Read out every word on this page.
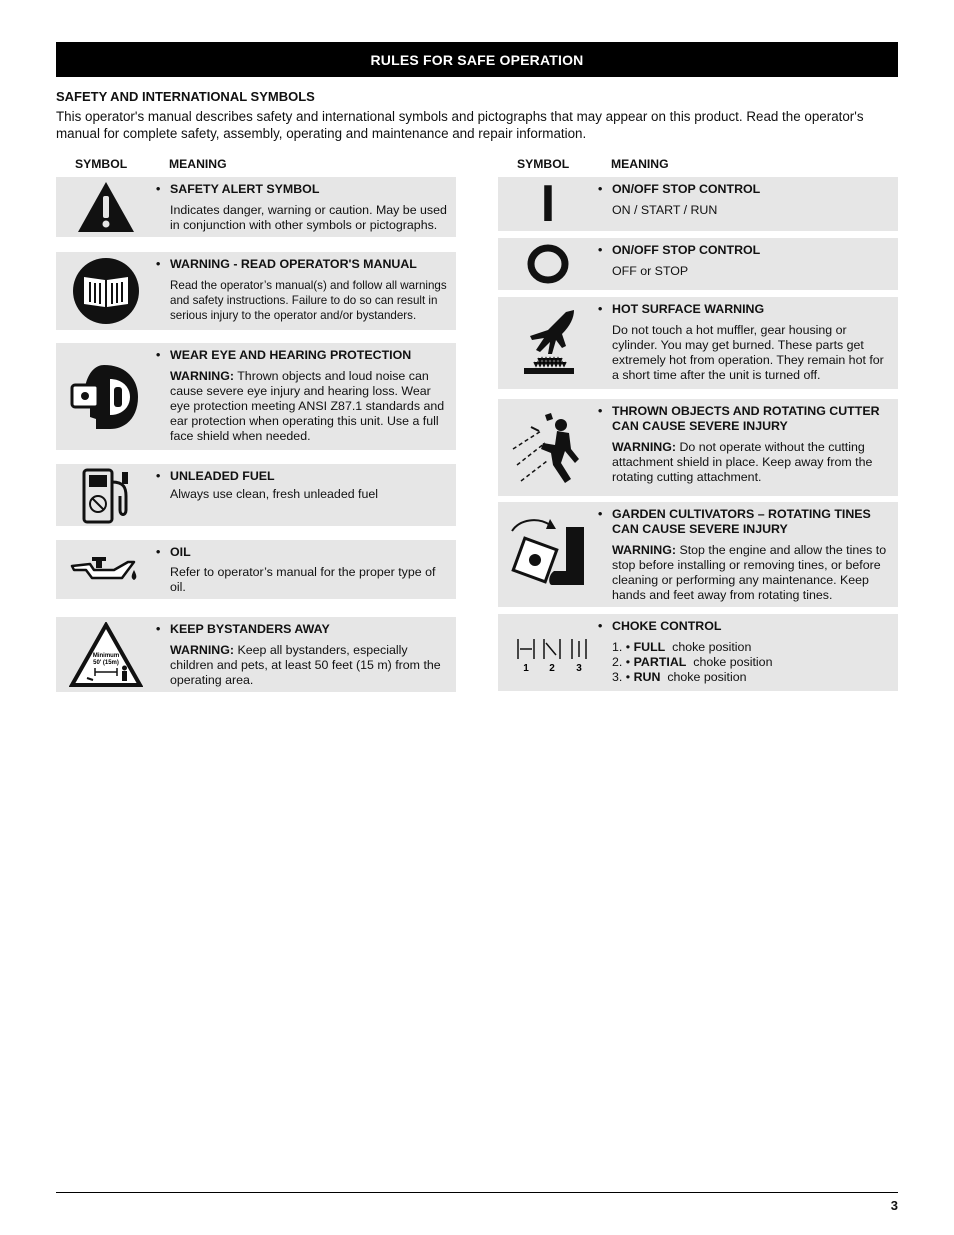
RULES FOR SAFE OPERATION
SAFETY AND INTERNATIONAL SYMBOLS
This operator's manual describes safety and international symbols and pictographs that may appear on this product. Read the operator's manual for complete safety, assembly, operating and maintenance and repair information.
SYMBOL	MEANING	SYMBOL	MEANING
• SAFETY ALERT SYMBOL
Indicates danger, warning or caution. May be used in conjunction with other symbols or pictographs.
• WARNING - READ OPERATOR'S MANUAL
Read the operator’s manual(s) and follow all warnings and safety instructions. Failure to do so can result in serious injury to the operator and/or bystanders.
• WEAR EYE AND HEARING PROTECTION
WARNING: Thrown objects and loud noise can cause severe eye injury and hearing loss. Wear eye protection meeting ANSI Z87.1 standards and ear protection when operating this unit. Use a full face shield when needed.
• UNLEADED FUEL
Always use clean, fresh unleaded fuel
• OIL
Refer to operator’s manual for the proper type of oil.
Minimum
50' (15m)
• KEEP BYSTANDERS AWAY
WARNING: Keep all bystanders, especially children and pets, at least 50 feet (15 m) from the operating area.
I
•	ON/OFF STOP CONTROL
ON / START / RUN
• ON/OFF STOP CONTROL
OFF or STOP
• HOT SURFACE WARNING
Do not touch a hot muffler, gear housing or cylinder. You may get burned. These parts get extremely hot from operation. They remain hot for a short time after the unit is turned off.
• THROWN OBJECTS AND ROTATING CUTTER CAN CAUSE SEVERE INJURY
WARNING: Do not operate without the cutting attachment shield in place. Keep away from the rotating cutting attachment.
• GARDEN CULTIVATORS – ROTATING TINES CAN CAUSE SEVERE INJURY
WARNING: Stop the engine and allow the tines to stop before installing or removing tines, or before cleaning or performing any maintenance. Keep hands and feet away from rotating tines.
1 2 3
• CHOKE CONTROL
1. • FULL  choke position
2. • PARTIAL  choke position
3. • RUN  choke position
3
